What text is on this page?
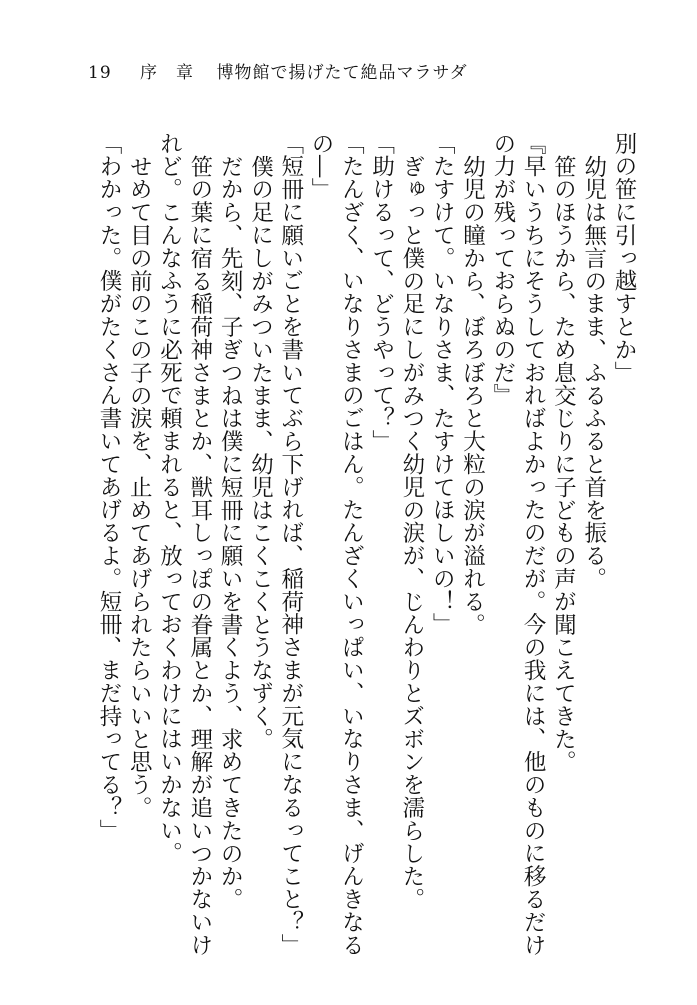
19 序　章 博物館で揚げたて絶品マラサダ

別の笹に引っ越すとか」

幼児は無言のまま、ふるふると首を振る。

笹のほうから、ため息交じりに子どもの声が聞こえてきた。

『早いうちにそうしておればよかったのだが。今の我には、他のものに移るだけの力が残っておらぬのだ』

幼児の瞳から、ぼろぼろと大粒の涙が溢れる。

「たすけて。いなりさま、たすけてほしいの！」

ぎゅっと僕の足にしがみつく幼児の涙が、じんわりとズボンを濡らした。

「助けるって、どうやって？」

「たんざく、いなりさまのごはん。たんざくいっぱい、いなりさま、げんきなるの―」

「短冊に願いごとを書いてぶら下げれば、稲荷神さまが元気になるってこと？」

僕の足にしがみついたまま、幼児はこくこくとうなずく。

だから、先刻、子ぎつねは僕に短冊に願いを書くよう、求めてきたのか。

笹の葉に宿る稲荷神さまとか、獣耳しっぽの眷属とか、理解が追いつかないけれど。こんなふうに必死で頼まれると、放っておくわけにはいかない。

せめて目の前のこの子の涙を、止めてあげられたらいいと思う。

「わかった。僕がたくさん書いてあげるよ。短冊、まだ持ってる？」
